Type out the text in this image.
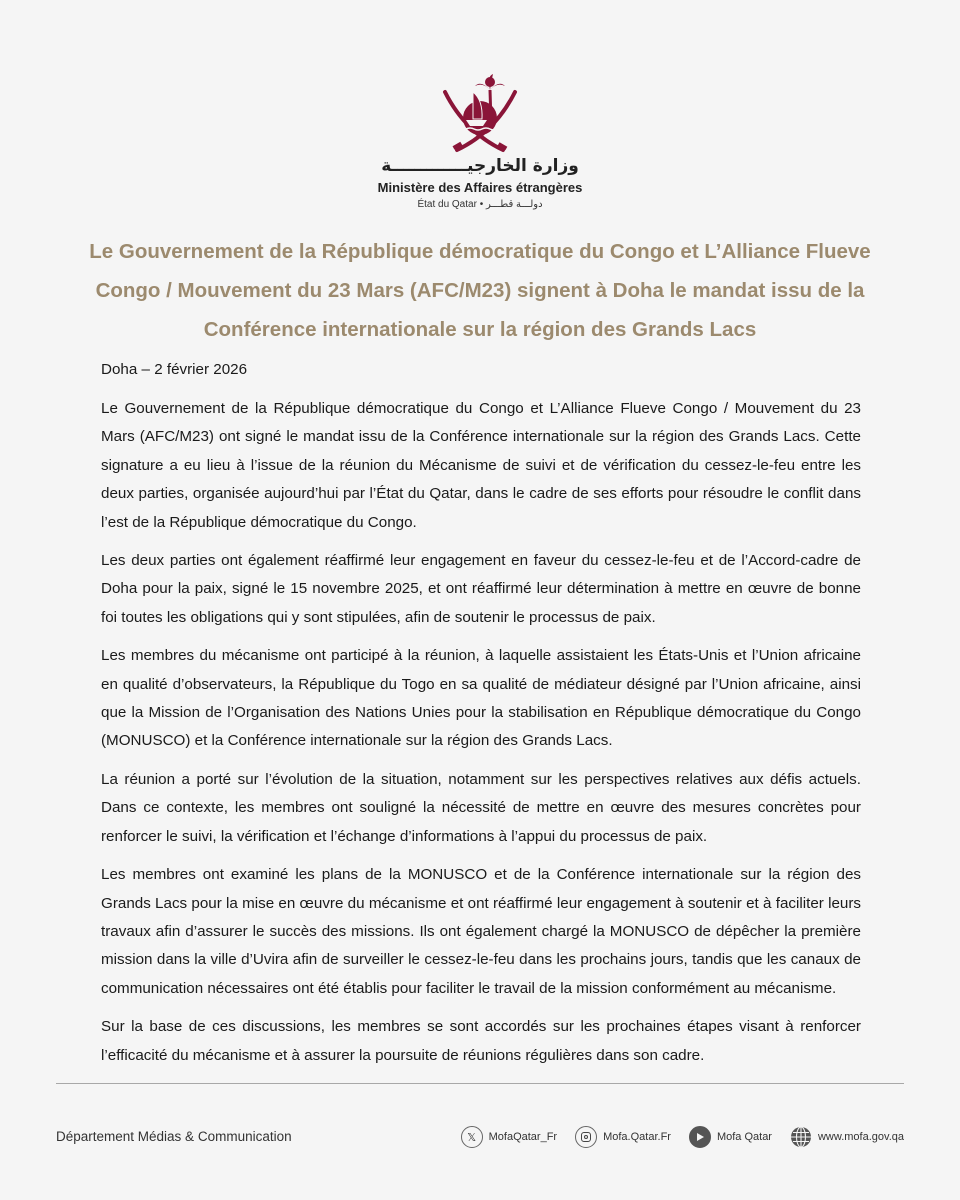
وزارة الخارجيـــــــــــــة
Ministère des Affaires étrangères
État du Qatar • دولـــة قطـــر
Le Gouvernement de la République démocratique du Congo et L’Alliance Flueve Congo / Mouvement du 23 Mars (AFC/M23) signent à Doha le mandat issu de la Conférence internationale sur la région des Grands Lacs

Doha – 2 février 2026

Le Gouvernement de la République démocratique du Congo et L’Alliance Flueve Congo / Mouvement du 23 Mars (AFC/M23) ont signé le mandat issu de la Conférence internationale sur la région des Grands Lacs. Cette signature a eu lieu à l’issue de la réunion du Mécanisme de suivi et de vérification du cessez-le-feu entre les deux parties, organisée aujourd’hui par l’État du Qatar, dans le cadre de ses efforts pour résoudre le conflit dans l’est de la République démocratique du Congo.

Les deux parties ont également réaffirmé leur engagement en faveur du cessez-le-feu et de l’Accord-cadre de Doha pour la paix, signé le 15 novembre 2025, et ont réaffirmé leur détermination à mettre en œuvre de bonne foi toutes les obligations qui y sont stipulées, afin de soutenir le processus de paix.

Les membres du mécanisme ont participé à la réunion, à laquelle assistaient les États-Unis et l’Union africaine en qualité d’observateurs, la République du Togo en sa qualité de médiateur désigné par l’Union africaine, ainsi que la Mission de l’Organisation des Nations Unies pour la stabilisation en République démocratique du Congo (MONUSCO) et la Conférence internationale sur la région des Grands Lacs.

La réunion a porté sur l’évolution de la situation, notamment sur les perspectives relatives aux défis actuels. Dans ce contexte, les membres ont souligné la nécessité de mettre en œuvre des mesures concrètes pour renforcer le suivi, la vérification et l’échange d’informations à l’appui du processus de paix.

Les membres ont examiné les plans de la MONUSCO et de la Conférence internationale sur la région des Grands Lacs pour la mise en œuvre du mécanisme et ont réaffirmé leur engagement à soutenir et à faciliter leurs travaux afin d’assurer le succès des missions. Ils ont également chargé la MONUSCO de dépêcher la première mission dans la ville d’Uvira afin de surveiller le cessez-le-feu dans les prochains jours, tandis que les canaux de communication nécessaires ont été établis pour faciliter le travail de la mission conformément au mécanisme.

Sur la base de ces discussions, les membres se sont accordés sur les prochaines étapes visant à renforcer l’efficacité du mécanisme et à assurer la poursuite de réunions régulières dans son cadre.

Département Médias & Communication	𝕏	MofaQatar_Fr	Mofa.Qatar.Fr	Mofa Qatar	www.mofa.gov.qa
